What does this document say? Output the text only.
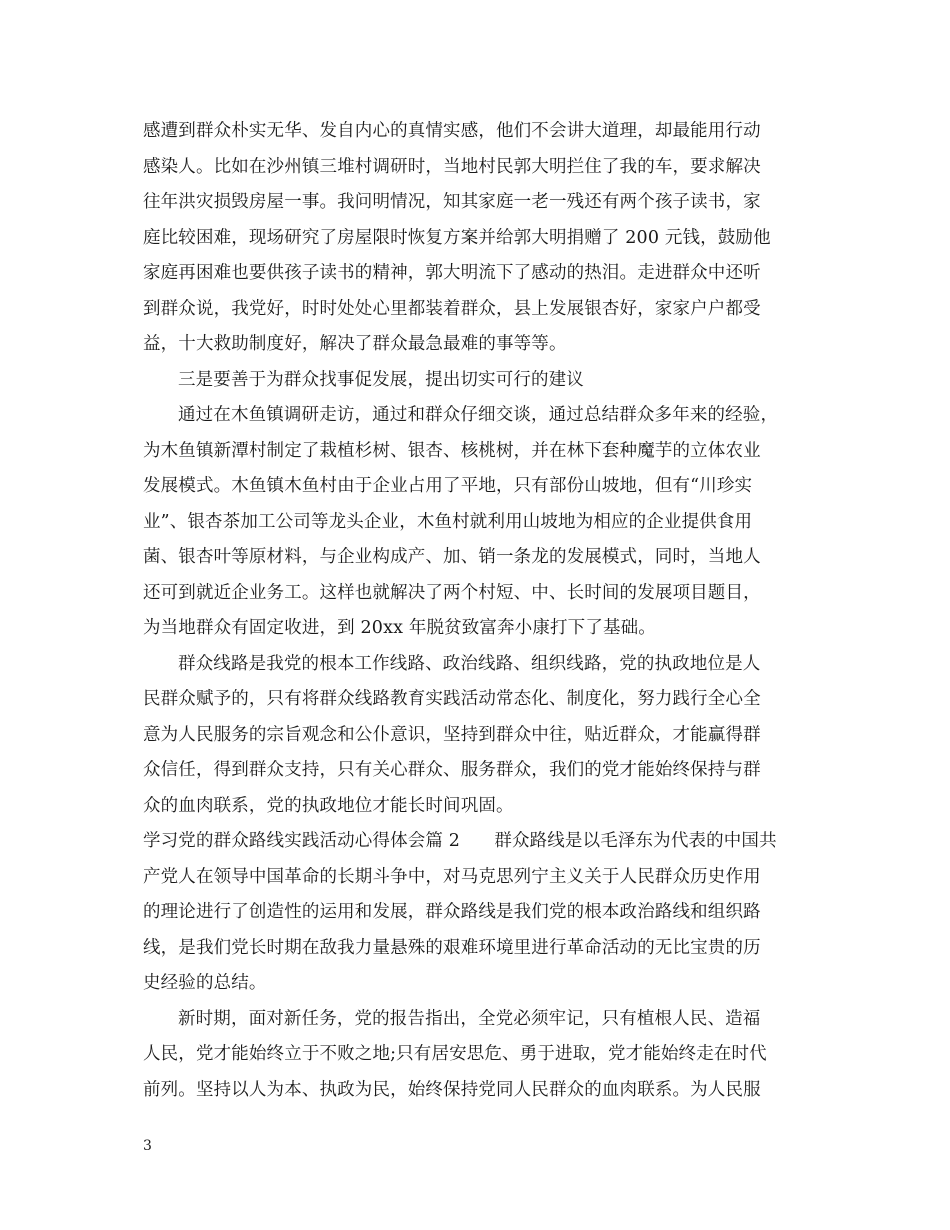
感遭到群众朴实无华、发自内心的真情实感，他们不会讲大道理，却最能用行动
感染人。比如在沙州镇三堆村调研时，当地村民郭大明拦住了我的车，要求解决
往年洪灾损毁房屋一事。我问明情况，知其家庭一老一残还有两个孩子读书，家
庭比较困难，现场研究了房屋限时恢复方案并给郭大明捐赠了 200 元钱，鼓励他
家庭再困难也要供孩子读书的精神，郭大明流下了感动的热泪。走进群众中还听
到群众说，我党好，时时处处心里都装着群众，县上发展银杏好，家家户户都受
益，十大救助制度好，解决了群众最急最难的事等等。
三是要善于为群众找事促发展，提出切实可行的建议
通过在木鱼镇调研走访，通过和群众仔细交谈，通过总结群众多年来的经验，
为木鱼镇新潭村制定了栽植杉树、银杏、核桃树，并在林下套种魔芋的立体农业
发展模式。木鱼镇木鱼村由于企业占用了平地，只有部份山坡地，但有“川珍实
业”、银杏茶加工公司等龙头企业，木鱼村就利用山坡地为相应的企业提供食用
菌、银杏叶等原材料，与企业构成产、加、销一条龙的发展模式，同时，当地人
还可到就近企业务工。这样也就解决了两个村短、中、长时间的发展项目题目，
为当地群众有固定收进，到 20xx 年脱贫致富奔小康打下了基础。
群众线路是我党的根本工作线路、政治线路、组织线路，党的执政地位是人
民群众赋予的，只有将群众线路教育实践活动常态化、制度化，努力践行全心全
意为人民服务的宗旨观念和公仆意识，坚持到群众中往，贴近群众，才能赢得群
众信任，得到群众支持，只有关心群众、服务群众，我们的党才能始终保持与群
众的血肉联系，党的执政地位才能长时间巩固。
学习党的群众路线实践活动心得体会篇 2      群众路线是以毛泽东为代表的中国共
产党人在领导中国革命的长期斗争中，对马克思列宁主义关于人民群众历史作用
的理论进行了创造性的运用和发展，群众路线是我们党的根本政治路线和组织路
线，是我们党长时期在敌我力量悬殊的艰难环境里进行革命活动的无比宝贵的历
史经验的总结。
新时期，面对新任务，党的报告指出，全党必须牢记，只有植根人民、造福
人民，党才能始终立于不败之地;只有居安思危、勇于进取，党才能始终走在时代
前列。坚持以人为本、执政为民，始终保持党同人民群众的血肉联系。为人民服
3
